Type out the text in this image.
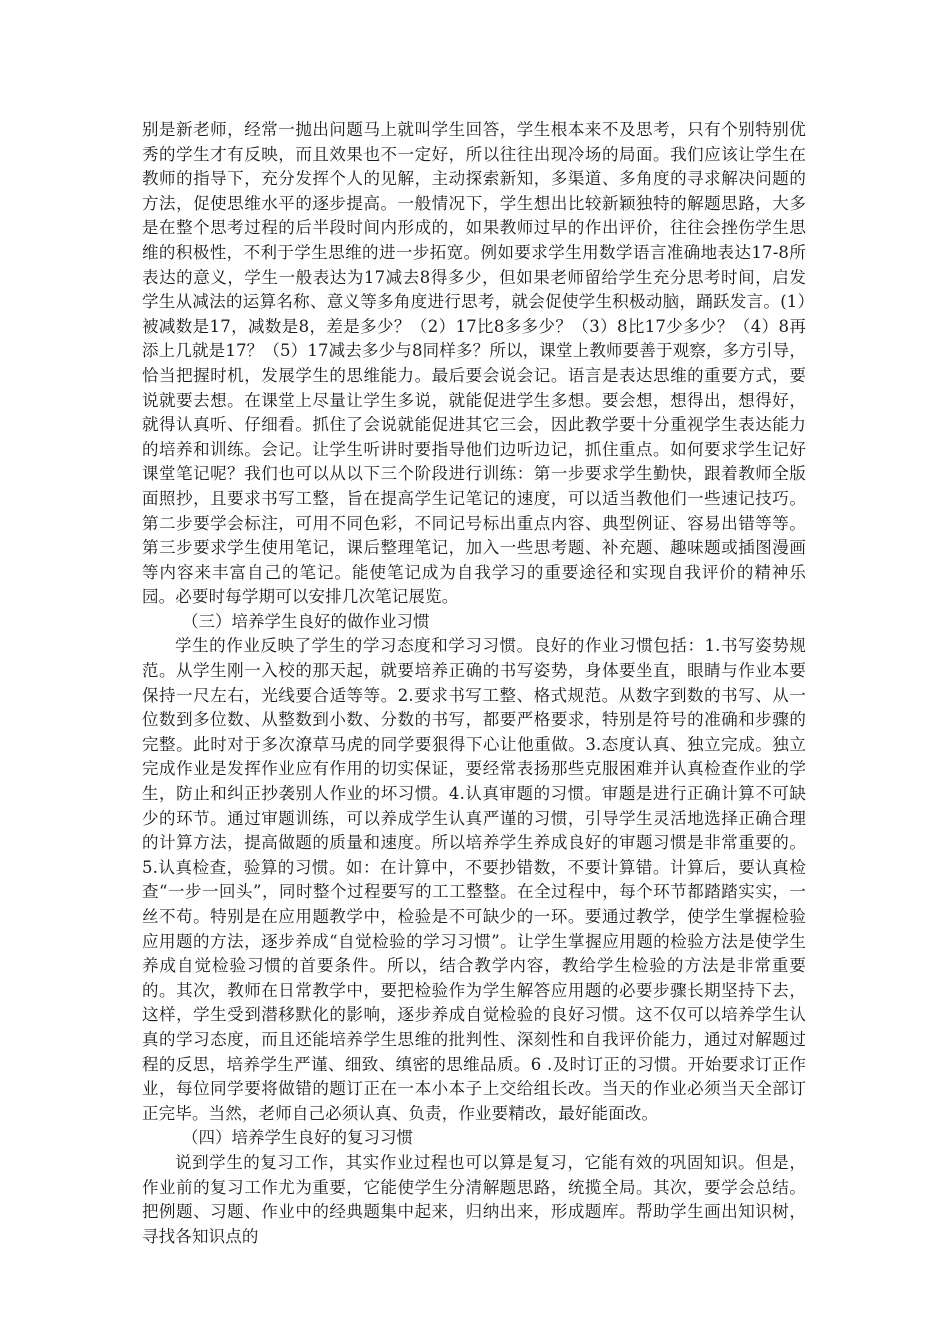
别是新老师，经常一抛出问题马上就叫学生回答，学生根本来不及思考，只有个别特别优秀的学生才有反映，而且效果也不一定好，所以往往出现冷场的局面。我们应该让学生在教师的指导下，充分发挥个人的见解，主动探索新知，多渠道、多角度的寻求解决问题的方法，促使思维水平的逐步提高。一般情况下，学生想出比较新颖独特的解题思路，大多是在整个思考过程的后半段时间内形成的，如果教师过早的作出评价，往往会挫伤学生思维的积极性，不利于学生思维的进一步拓宽。例如要求学生用数学语言准确地表达17-8所表达的意义，学生一般表达为17减去8得多少，但如果老师留给学生充分思考时间，启发学生从减法的运算名称、意义等多角度进行思考，就会促使学生积极动脑，踊跃发言。(1）被减数是17，减数是8，差是多少？（2）17比8多多少？（3）8比17少多少？（4）8再添上几就是17？（5）17减去多少与8同样多？所以，课堂上教师要善于观察，多方引导，恰当把握时机，发展学生的思维能力。最后要会说会记。语言是表达思维的重要方式，要说就要去想。在课堂上尽量让学生多说，就能促进学生多想。要会想，想得出，想得好，就得认真听、仔细看。抓住了会说就能促进其它三会，因此教学要十分重视学生表达能力的培养和训练。会记。让学生听讲时要指导他们边听边记，抓住重点。如何要求学生记好课堂笔记呢？我们也可以从以下三个阶段进行训练：第一步要求学生勤快，跟着教师全版面照抄，且要求书写工整，旨在提高学生记笔记的速度，可以适当教他们一些速记技巧。第二步要学会标注，可用不同色彩，不同记号标出重点内容、典型例证、容易出错等等。第三步要求学生使用笔记，课后整理笔记，加入一些思考题、补充题、趣味题或插图漫画等内容来丰富自己的笔记。能使笔记成为自我学习的重要途径和实现自我评价的精神乐园。必要时每学期可以安排几次笔记展览。

（三）培养学生良好的做作业习惯

学生的作业反映了学生的学习态度和学习习惯。良好的作业习惯包括：1.书写姿势规范。从学生刚一入校的那天起，就要培养正确的书写姿势，身体要坐直，眼睛与作业本要保持一尺左右，光线要合适等等。2.要求书写工整、格式规范。从数字到数的书写、从一位数到多位数、从整数到小数、分数的书写，都要严格要求，特别是符号的准确和步骤的完整。此时对于多次潦草马虎的同学要狠得下心让他重做。3.态度认真、独立完成。独立完成作业是发挥作业应有作用的切实保证，要经常表扬那些克服困难并认真检查作业的学生，防止和纠正抄袭别人作业的坏习惯。4.认真审题的习惯。审题是进行正确计算不可缺少的环节。通过审题训练，可以养成学生认真严谨的习惯，引导学生灵活地选择正确合理的计算方法，提高做题的质量和速度。所以培养学生养成良好的审题习惯是非常重要的。5.认真检查，验算的习惯。如：在计算中，不要抄错数，不要计算错。计算后，要认真检查“一步一回头”，同时整个过程要写的工工整整。在全过程中，每个环节都踏踏实实，一丝不苟。特别是在应用题教学中，检验是不可缺少的一环。要通过教学，使学生掌握检验应用题的方法，逐步养成“自觉检验的学习习惯”。让学生掌握应用题的检验方法是使学生养成自觉检验习惯的首要条件。所以，结合教学内容，教给学生检验的方法是非常重要的。其次，教师在日常教学中，要把检验作为学生解答应用题的必要步骤长期坚持下去，这样，学生受到潜移默化的影响，逐步养成自觉检验的良好习惯。这不仅可以培养学生认真的学习态度，而且还能培养学生思维的批判性、深刻性和自我评价能力，通过对解题过程的反思，培养学生严谨、细致、缜密的思维品质。6 .及时订正的习惯。开始要求订正作业，每位同学要将做错的题订正在一本小本子上交给组长改。当天的作业必须当天全部订正完毕。当然，老师自己必须认真、负责，作业要精改，最好能面改。

（四）培养学生良好的复习习惯

说到学生的复习工作，其实作业过程也可以算是复习，它能有效的巩固知识。但是，作业前的复习工作尤为重要，它能使学生分清解题思路，统揽全局。其次，要学会总结。把例题、习题、作业中的经典题集中起来，归纳出来，形成题库。帮助学生画出知识树，寻找各知识点的
